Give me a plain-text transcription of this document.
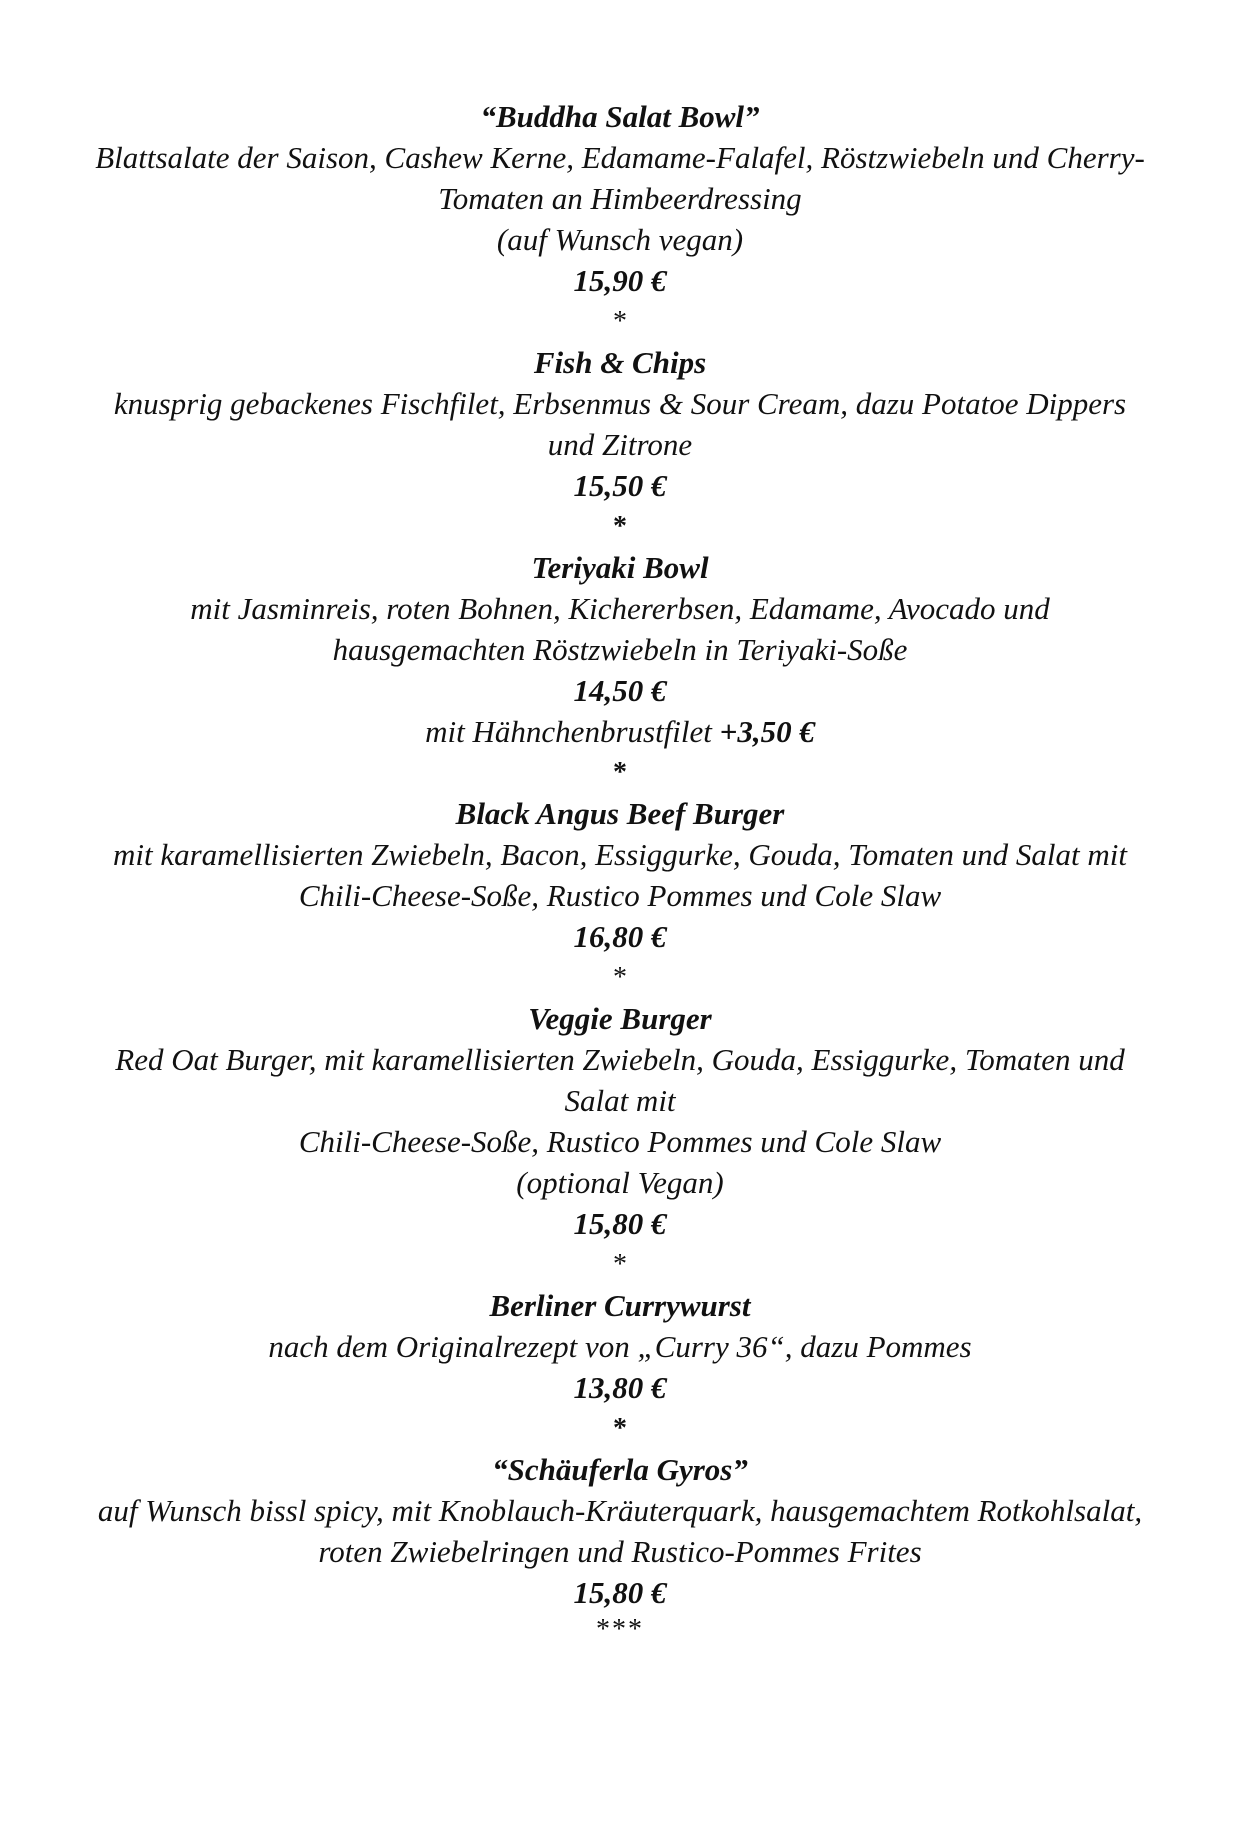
“Buddha Salat Bowl”
Blattsalate der Saison, Cashew Kerne, Edamame-Falafel, Röstzwiebeln und Cherry-
Tomaten an Himbeerdressing
(auf Wunsch vegan)
15,90 €
*
Fish & Chips
knusprig gebackenes Fischfilet, Erbsenmus & Sour Cream, dazu Potatoe Dippers
und Zitrone
15,50 €
*
Teriyaki Bowl
mit Jasminreis, roten Bohnen, Kichererbsen, Edamame, Avocado und
hausgemachten Röstzwiebeln in Teriyaki-Soße
14,50 €
mit Hähnchenbrustfilet +3,50 €
*
Black Angus Beef Burger
mit karamellisierten Zwiebeln, Bacon, Essiggurke, Gouda, Tomaten und Salat mit
Chili-Cheese-Soße, Rustico Pommes und Cole Slaw
16,80 €
*
Veggie Burger
Red Oat Burger, mit karamellisierten Zwiebeln, Gouda, Essiggurke, Tomaten und
Salat mit
Chili-Cheese-Soße, Rustico Pommes und Cole Slaw
(optional Vegan)
15,80 €
*
Berliner Currywurst
nach dem Originalrezept von „Curry 36“, dazu Pommes
13,80 €
*
“Schäuferla Gyros”
auf Wunsch bissl spicy, mit Knoblauch-Kräuterquark, hausgemachtem Rotkohlsalat,
roten Zwiebelringen und Rustico-Pommes Frites
15,80 €
***
